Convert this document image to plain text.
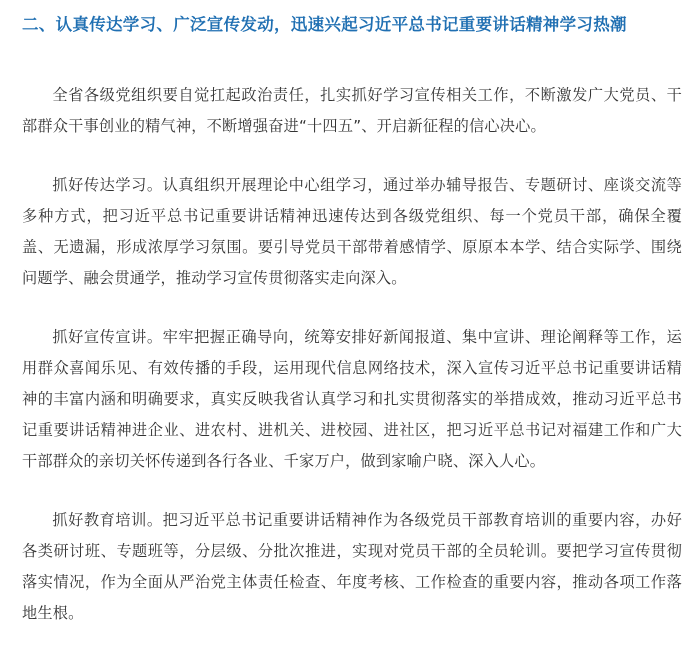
二、认真传达学习、广泛宣传发动，迅速兴起习近平总书记重要讲话精神学习热潮

全省各级党组织要自觉扛起政治责任，扎实抓好学习宣传相关工作，不断激发广大党员、干部群众干事创业的精气神，不断增强奋进“十四五”、开启新征程的信心决心。

抓好传达学习。认真组织开展理论中心组学习，通过举办辅导报告、专题研讨、座谈交流等多种方式，把习近平总书记重要讲话精神迅速传达到各级党组织、每一个党员干部，确保全覆盖、无遗漏，形成浓厚学习氛围。要引导党员干部带着感情学、原原本本学、结合实际学、围绕问题学、融会贯通学，推动学习宣传贯彻落实走向深入。

抓好宣传宣讲。牢牢把握正确导向，统筹安排好新闻报道、集中宣讲、理论阐释等工作，运用群众喜闻乐见、有效传播的手段，运用现代信息网络技术，深入宣传习近平总书记重要讲话精神的丰富内涵和明确要求，真实反映我省认真学习和扎实贯彻落实的举措成效，推动习近平总书记重要讲话精神进企业、进农村、进机关、进校园、进社区，把习近平总书记对福建工作和广大干部群众的亲切关怀传递到各行各业、千家万户，做到家喻户晓、深入人心。

抓好教育培训。把习近平总书记重要讲话精神作为各级党员干部教育培训的重要内容，办好各类研讨班、专题班等，分层级、分批次推进，实现对党员干部的全员轮训。要把学习宣传贯彻落实情况，作为全面从严治党主体责任检查、年度考核、工作检查的重要内容，推动各项工作落地生根。
